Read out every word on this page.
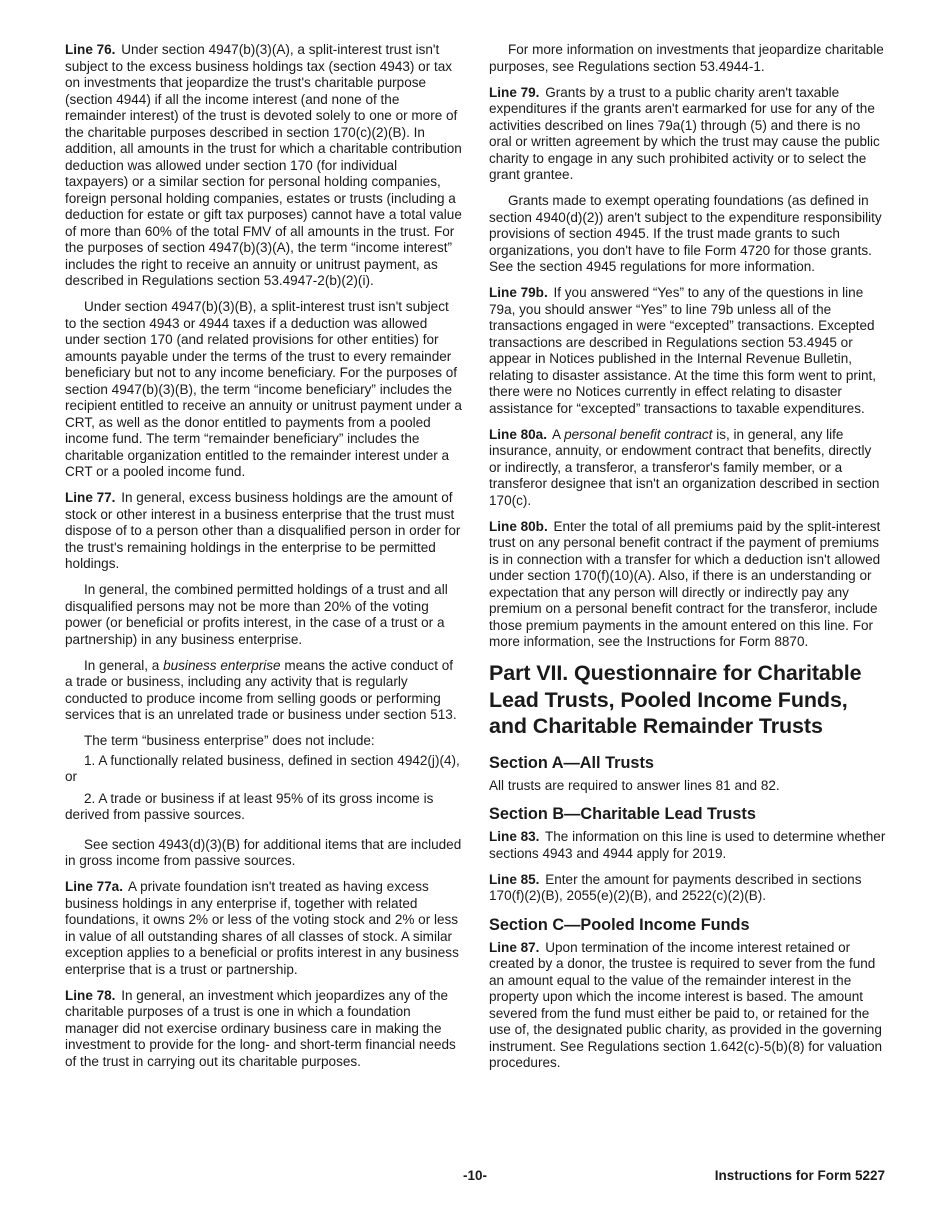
Line 76. Under section 4947(b)(3)(A), a split-interest trust isn't subject to the excess business holdings tax (section 4943) or tax on investments that jeopardize the trust's charitable purpose (section 4944) if all the income interest (and none of the remainder interest) of the trust is devoted solely to one or more of the charitable purposes described in section 170(c)(2)(B). In addition, all amounts in the trust for which a charitable contribution deduction was allowed under section 170 (for individual taxpayers) or a similar section for personal holding companies, foreign personal holding companies, estates or trusts (including a deduction for estate or gift tax purposes) cannot have a total value of more than 60% of the total FMV of all amounts in the trust. For the purposes of section 4947(b)(3)(A), the term “income interest” includes the right to receive an annuity or unitrust payment, as described in Regulations section 53.4947-2(b)(2)(i).

Under section 4947(b)(3)(B), a split-interest trust isn't subject to the section 4943 or 4944 taxes if a deduction was allowed under section 170 (and related provisions for other entities) for amounts payable under the terms of the trust to every remainder beneficiary but not to any income beneficiary. For the purposes of section 4947(b)(3)(B), the term “income beneficiary” includes the recipient entitled to receive an annuity or unitrust payment under a CRT, as well as the donor entitled to payments from a pooled income fund. The term “remainder beneficiary” includes the charitable organization entitled to the remainder interest under a CRT or a pooled income fund.

Line 77. In general, excess business holdings are the amount of stock or other interest in a business enterprise that the trust must dispose of to a person other than a disqualified person in order for the trust's remaining holdings in the enterprise to be permitted holdings.

In general, the combined permitted holdings of a trust and all disqualified persons may not be more than 20% of the voting power (or beneficial or profits interest, in the case of a trust or a partnership) in any business enterprise.

In general, a business enterprise means the active conduct of a trade or business, including any activity that is regularly conducted to produce income from selling goods or performing services that is an unrelated trade or business under section 513.

The term “business enterprise” does not include:

1. A functionally related business, defined in section 4942(j)(4), or

2. A trade or business if at least 95% of its gross income is derived from passive sources.

See section 4943(d)(3)(B) for additional items that are included in gross income from passive sources.

Line 77a. A private foundation isn't treated as having excess business holdings in any enterprise if, together with related foundations, it owns 2% or less of the voting stock and 2% or less in value of all outstanding shares of all classes of stock. A similar exception applies to a beneficial or profits interest in any business enterprise that is a trust or partnership.

Line 78. In general, an investment which jeopardizes any of the charitable purposes of a trust is one in which a foundation manager did not exercise ordinary business care in making the investment to provide for the long- and short-term financial needs of the trust in carrying out its charitable purposes.

For more information on investments that jeopardize charitable purposes, see Regulations section 53.4944-1.

Line 79. Grants by a trust to a public charity aren't taxable expenditures if the grants aren't earmarked for use for any of the activities described on lines 79a(1) through (5) and there is no oral or written agreement by which the trust may cause the public charity to engage in any such prohibited activity or to select the grant grantee.

Grants made to exempt operating foundations (as defined in section 4940(d)(2)) aren't subject to the expenditure responsibility provisions of section 4945. If the trust made grants to such organizations, you don't have to file Form 4720 for those grants. See the section 4945 regulations for more information.

Line 79b. If you answered “Yes” to any of the questions in line 79a, you should answer “Yes” to line 79b unless all of the transactions engaged in were “excepted” transactions. Excepted transactions are described in Regulations section 53.4945 or appear in Notices published in the Internal Revenue Bulletin, relating to disaster assistance. At the time this form went to print, there were no Notices currently in effect relating to disaster assistance for “excepted” transactions to taxable expenditures.

Line 80a. A personal benefit contract is, in general, any life insurance, annuity, or endowment contract that benefits, directly or indirectly, a transferor, a transferor's family member, or a transferor designee that isn't an organization described in section 170(c).

Line 80b. Enter the total of all premiums paid by the split-interest trust on any personal benefit contract if the payment of premiums is in connection with a transfer for which a deduction isn't allowed under section 170(f)(10)(A). Also, if there is an understanding or expectation that any person will directly or indirectly pay any premium on a personal benefit contract for the transferor, include those premium payments in the amount entered on this line. For more information, see the Instructions for Form 8870.

Part VII. Questionnaire for Charitable Lead Trusts, Pooled Income Funds, and Charitable Remainder Trusts
Section A—All Trusts

All trusts are required to answer lines 81 and 82.

Section B—Charitable Lead Trusts

Line 83. The information on this line is used to determine whether sections 4943 and 4944 apply for 2019.

Line 85. Enter the amount for payments described in sections 170(f)(2)(B), 2055(e)(2)(B), and 2522(c)(2)(B).

Section C—Pooled Income Funds

Line 87. Upon termination of the income interest retained or created by a donor, the trustee is required to sever from the fund an amount equal to the value of the remainder interest in the property upon which the income interest is based. The amount severed from the fund must either be paid to, or retained for the use of, the designated public charity, as provided in the governing instrument. See Regulations section 1.642(c)-5(b)(8) for valuation procedures.

-10-	Instructions for Form 5227
